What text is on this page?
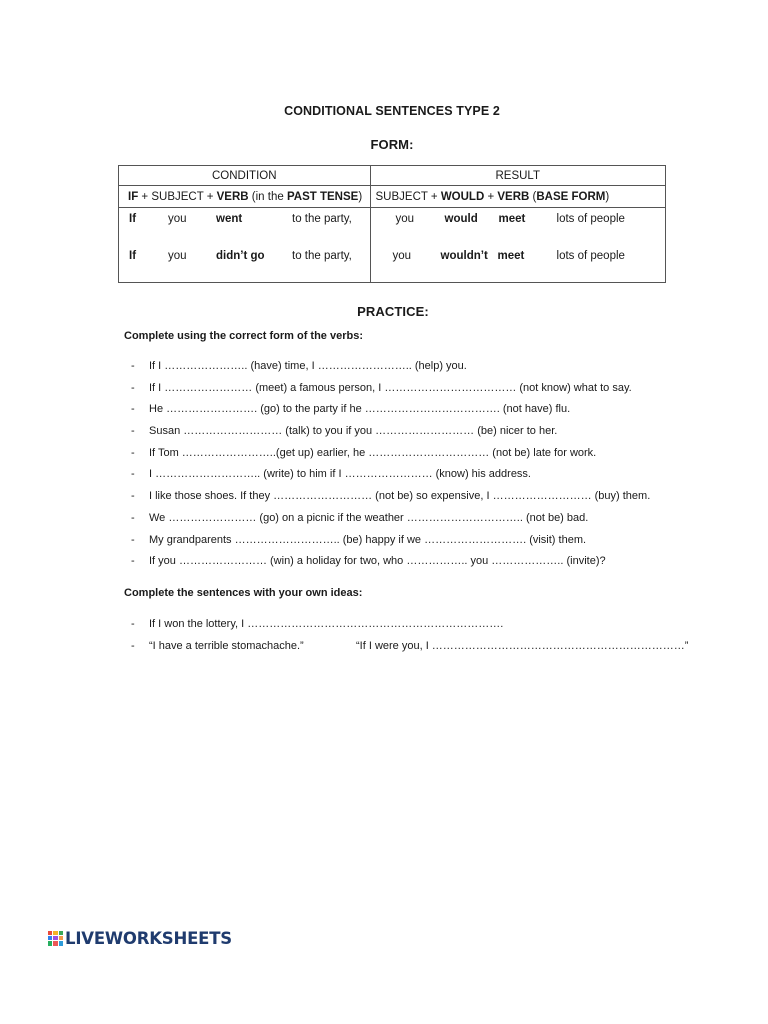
CONDITIONAL SENTENCES TYPE 2
FORM:
CONDITION	RESULT
IF + SUBJECT + VERB (in the PAST TENSE)	SUBJECT + WOULD + VERB (BASE FORM)

If you went to the party,	you would meet lots of people

If you didn’t go to the party,	you wouldn’t meet lots of people
PRACTICE:
Complete using the correct form of the verbs:
- If I ………………….. (have) time, I …………………….. (help) you.
- If I …………………… (meet) a famous person, I ……………………………… (not know) what to say.
- He ……………………. (go) to the party if he ………………………………. (not have) flu.
- Susan ……………………… (talk) to you if you ……………………… (be) nicer to her.
- If Tom ……………………..(get up) earlier, he …………………………… (not be) late for work.
- I ……………………….. (write) to him if I …………………… (know) his address.
- I like those shoes. If they ……………………… (not be) so expensive, I ……………………… (buy) them.
- We …………………… (go) on a picnic if the weather ………………………….. (not be) bad.
- My grandparents ……………………….. (be) happy if we ………………………. (visit) them.
- If you …………………… (win) a holiday for two, who …………….. you ……………….. (invite)?
Complete the sentences with your own ideas:
- If I won the lottery, I …………………………………………………………….
- “I have a terrible stomachache.”	“If I were you, I ……………………………………………………………”
LIVEWORKSHEETS
